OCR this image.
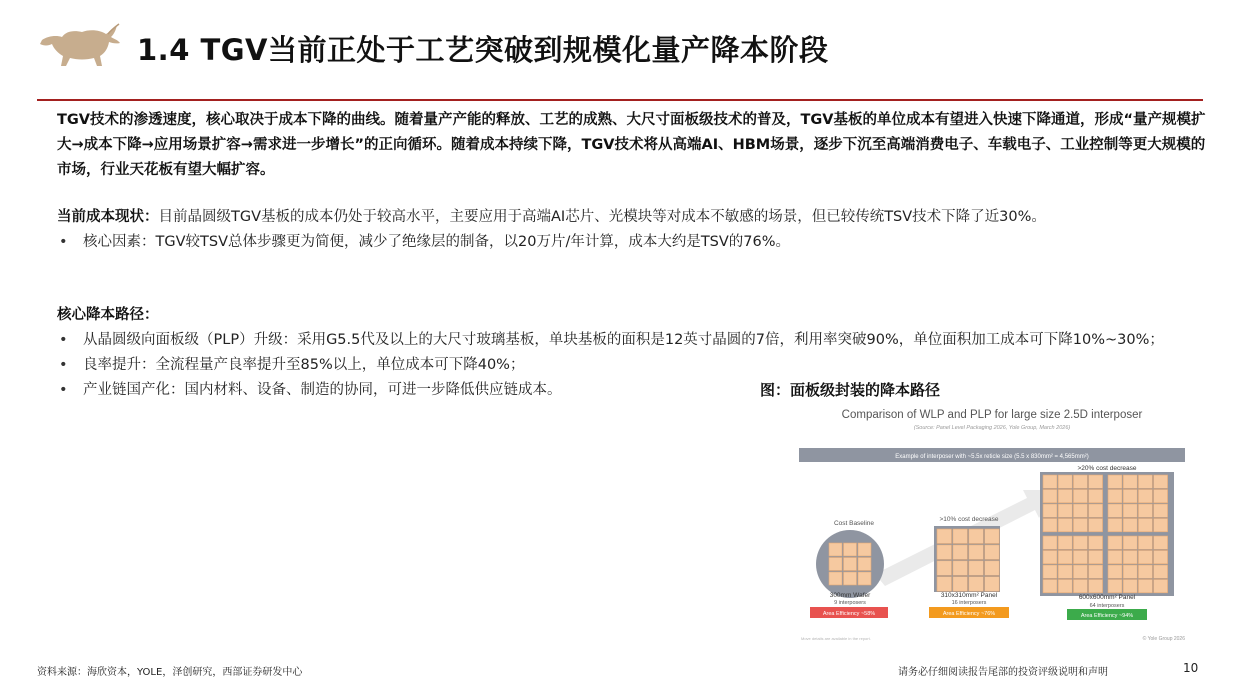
1.4 TGV当前正处于工艺突破到规模化量产降本阶段

TGV技术的渗透速度，核心取决于成本下降的曲线。随着量产产能的释放、工艺的成熟、大尺寸面板级技术的普及，TGV基板的单位成本有望进入快速下降通道，形成“量产规模扩大→成本下降→应用场景扩容→需求进一步增长”的正向循环。随着成本持续下降，TGV技术将从高端AI、HBM场景，逐步下沉至高端消费电子、车载电子、工业控制等更大规模的市场，行业天花板有望大幅扩容。

当前成本现状：目前晶圆级TGV基板的成本仍处于较高水平，主要应用于高端AI芯片、光模块等对成本不敏感的场景，但已较传统TSV技术下降了近30%。

• 核心因素：TGV较TSV总体步骤更为简便，减少了绝缘层的制备，以20万片/年计算，成本大约是TSV的76%。

核心降本路径：

• 从晶圆级向面板级（PLP）升级：采用G5.5代及以上的大尺寸玻璃基板，单块基板的面积是12英寸晶圆的7倍，利用率突破90%，单位面积加工成本可下降10%~30%；
• 良率提升：全流程量产良率提升至85%以上，单位成本可下降40%；
• 产业链国产化：国内材料、设备、制造的协同，可进一步降低供应链成本。	图：面板级封装的降本路径

Comparison of WLP and PLP for large size 2.5D interposer
(Source: Panel Level Packaging 2026, Yole Group, March 2026)
Example of interposer with ~5.5x reticle size (5.5 x 830mm² = 4,565mm²)
Cost Baseline
300mm Wafer
9 interposers
Area Efficiency ~58%
>10% cost decrease
310x310mm² Panel
16 interposers
Area Efficiency ~76%
>20% cost decrease
600x600mm² Panel
64 interposers
Area Efficiency ~94%
Move details are available in the report.	© Yole Group 2026
资料来源：海欣资本，YOLE，泽创研究，西部证券研发中心	请务必仔细阅读报告尾部的投资评级说明和声明	10
